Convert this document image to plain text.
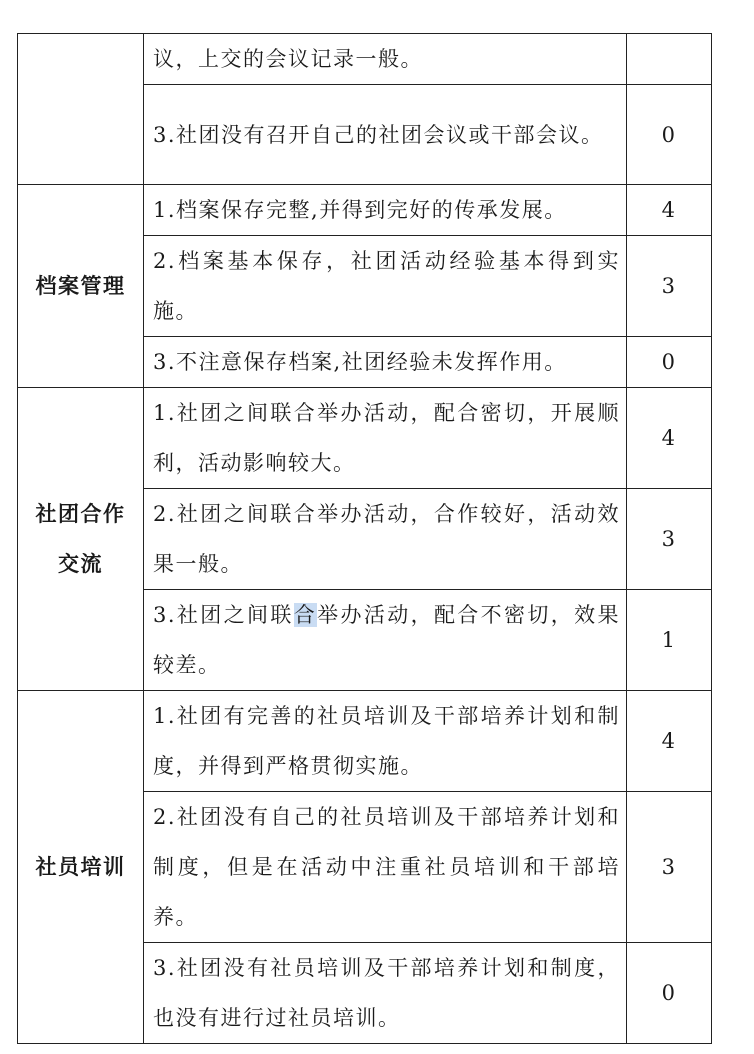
	议，上交的会议记录一般。	
	3.社团没有召开自己的社团会议或干部会议。	0
档案管理	1.档案保存完整,并得到完好的传承发展。	4
	2.档案基本保存，社团活动经验基本得到实施。	3
	3.不注意保存档案,社团经验未发挥作用。	0
社团合作交流	1.社团之间联合举办活动，配合密切，开展顺利，活动影响较大。	4
	2.社团之间联合举办活动，合作较好，活动效果一般。	3
	3.社团之间联合举办活动，配合不密切，效果较差。	1
社员培训	1.社团有完善的社员培训及干部培养计划和制度，并得到严格贯彻实施。	4
	2.社团没有自己的社员培训及干部培养计划和制度，但是在活动中注重社员培训和干部培养。	3
	3.社团没有社员培训及干部培养计划和制度，也没有进行过社员培训。	0
